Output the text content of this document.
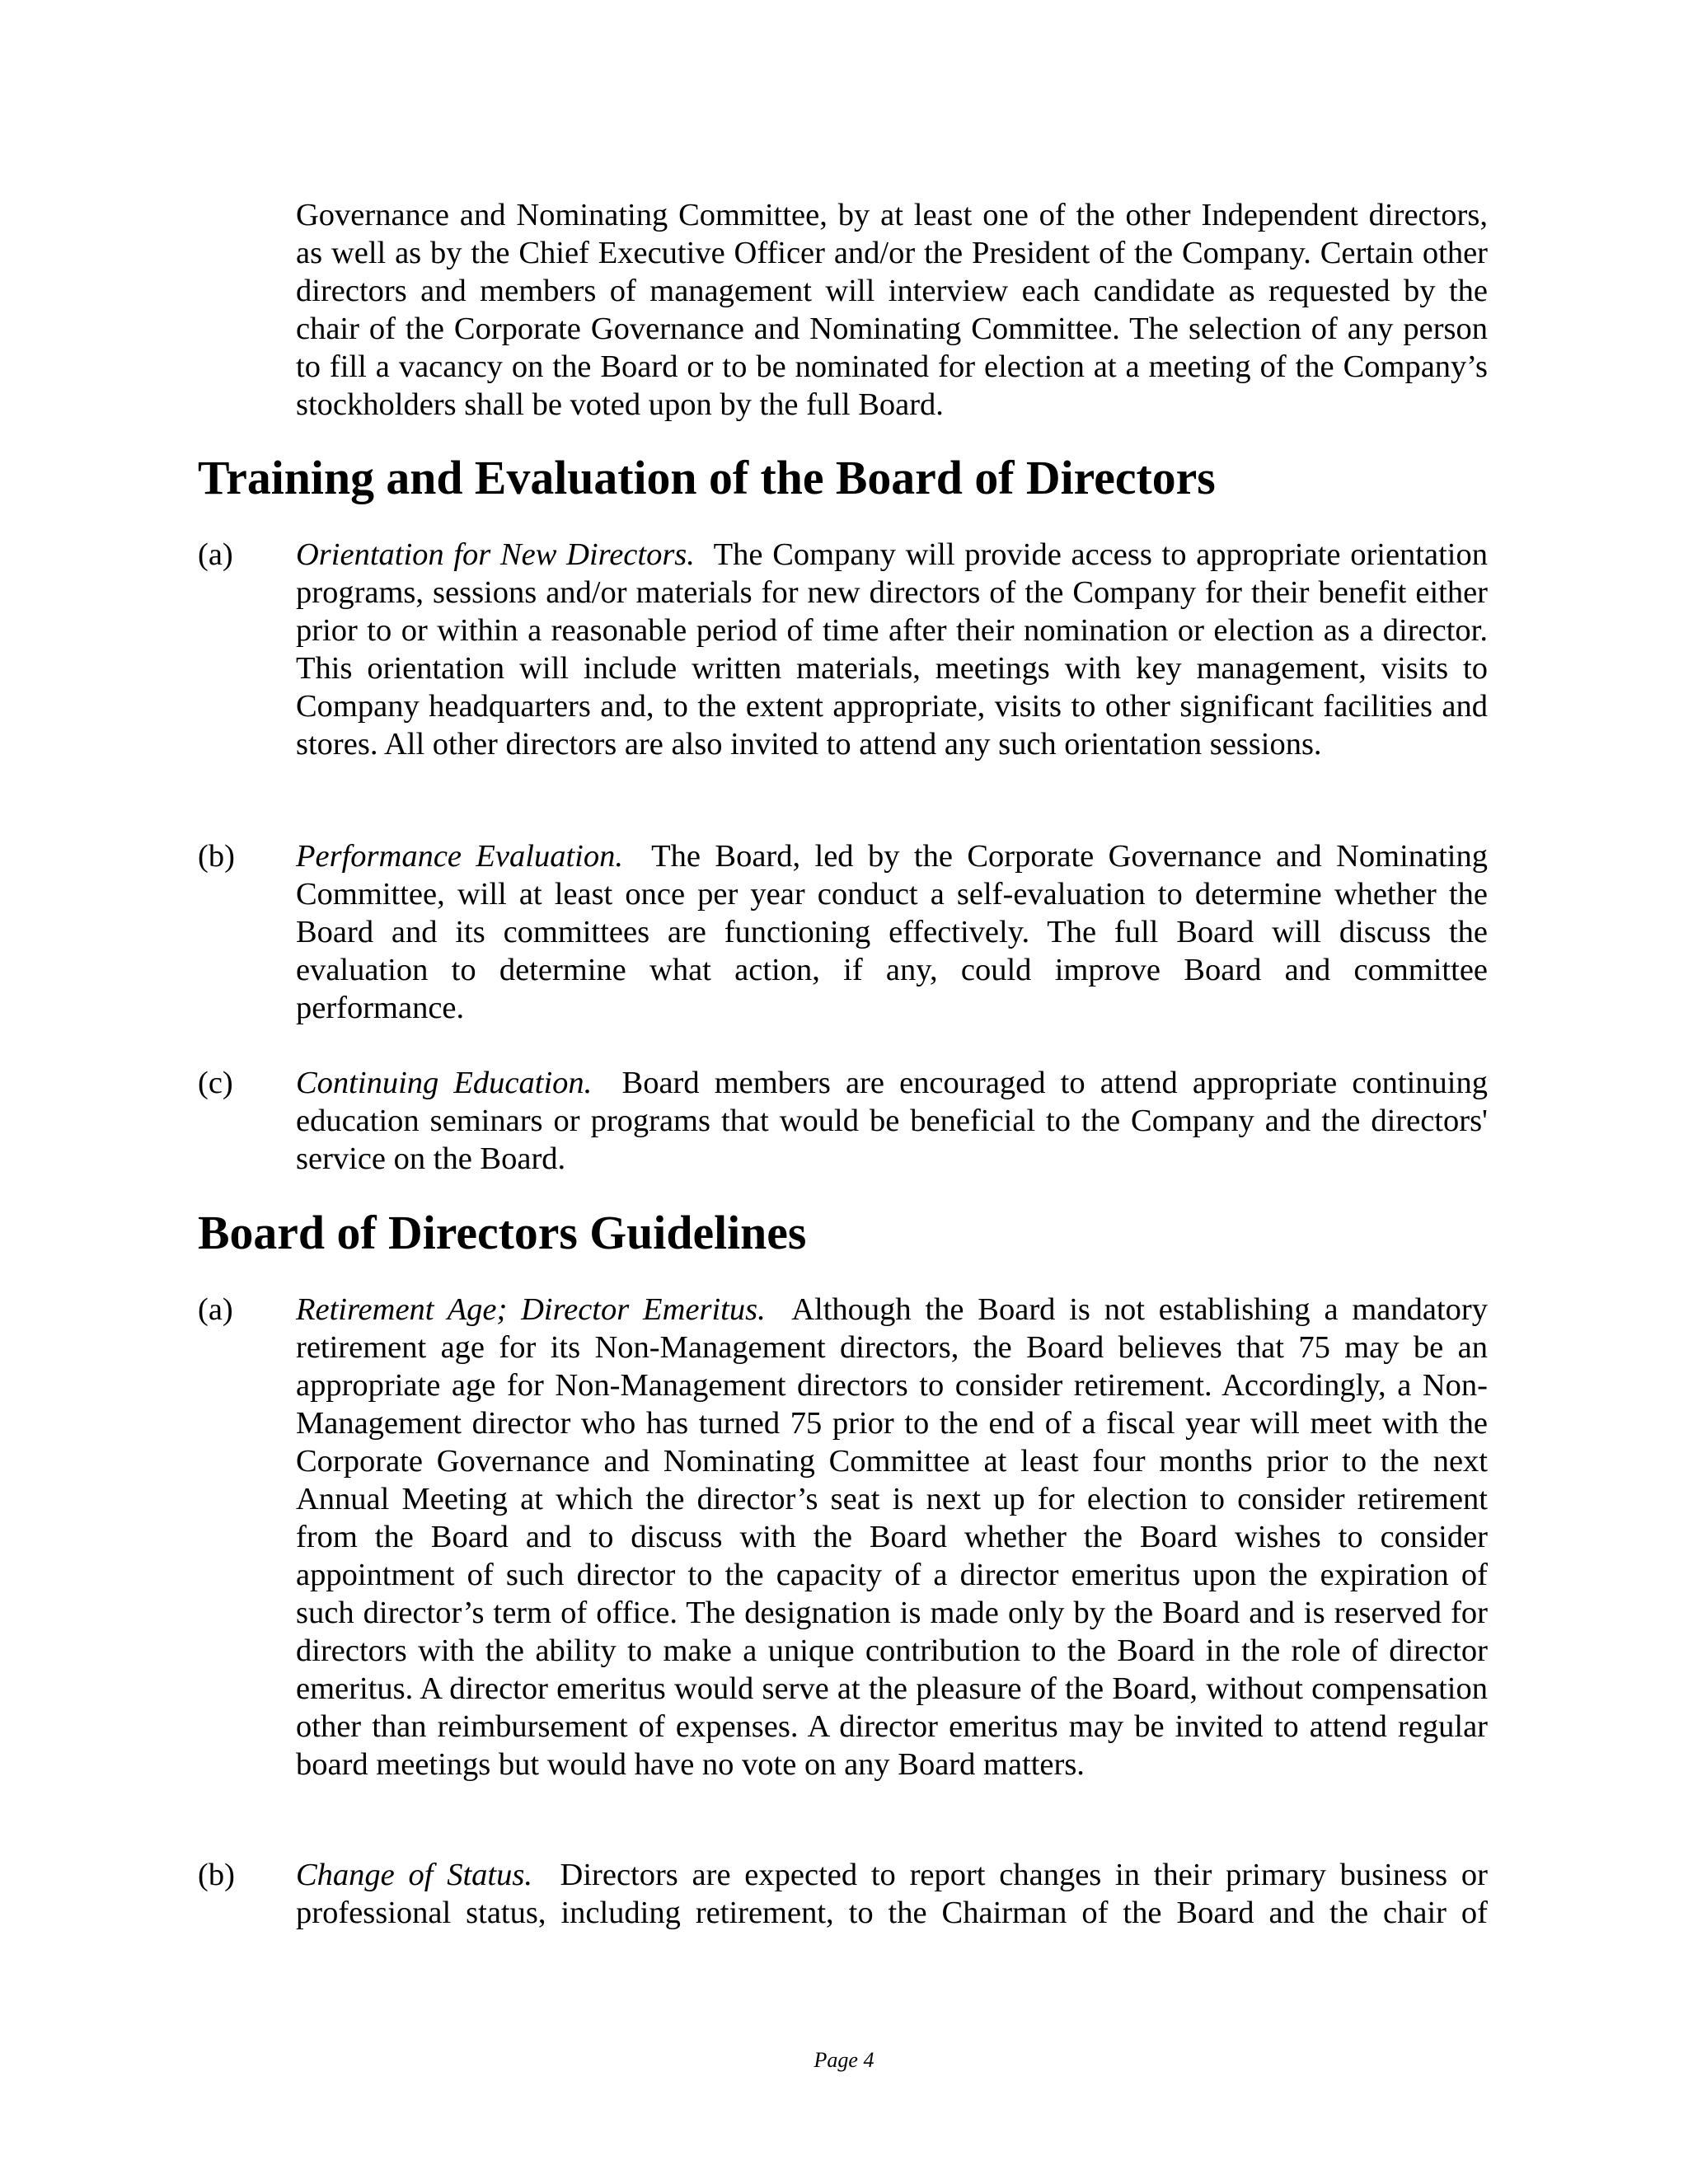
Governance and Nominating Committee, by at least one of the other Independent directors, as well as by the Chief Executive Officer and/or the President of the Company. Certain other directors and members of management will interview each candidate as requested by the chair of the Corporate Governance and Nominating Committee. The selection of any person to fill a vacancy on the Board or to be nominated for election at a meeting of the Company’s stockholders shall be voted upon by the full Board.

Training and Evaluation of the Board of Directors
(a) Orientation for New Directors. The Company will provide access to appropriate orientation programs, sessions and/or materials for new directors of the Company for their benefit either prior to or within a reasonable period of time after their nomination or election as a director. This orientation will include written materials, meetings with key management, visits to Company headquarters and, to the extent appropriate, visits to other significant facilities and stores. All other directors are also invited to attend any such orientation sessions.

(b) Performance Evaluation. The Board, led by the Corporate Governance and Nominating Committee, will at least once per year conduct a self-evaluation to determine whether the Board and its committees are functioning effectively. The full Board will discuss the evaluation to determine what action, if any, could improve Board and committee performance.

(c) Continuing Education. Board members are encouraged to attend appropriate continuing education seminars or programs that would be beneficial to the Company and the directors' service on the Board.

Board of Directors Guidelines
(a) Retirement Age; Director Emeritus. Although the Board is not establishing a mandatory retirement age for its Non-Management directors, the Board believes that 75 may be an appropriate age for Non-Management directors to consider retirement. Accordingly, a Non-Management director who has turned 75 prior to the end of a fiscal year will meet with the Corporate Governance and Nominating Committee at least four months prior to the next Annual Meeting at which the director’s seat is next up for election to consider retirement from the Board and to discuss with the Board whether the Board wishes to consider appointment of such director to the capacity of a director emeritus upon the expiration of such director’s term of office. The designation is made only by the Board and is reserved for directors with the ability to make a unique contribution to the Board in the role of director emeritus. A director emeritus would serve at the pleasure of the Board, without compensation other than reimbursement of expenses. A director emeritus may be invited to attend regular board meetings but would have no vote on any Board matters.

(b) Change of Status. Directors are expected to report changes in their primary business or professional status, including retirement, to the Chairman of the Board and the chair of

Page 4
